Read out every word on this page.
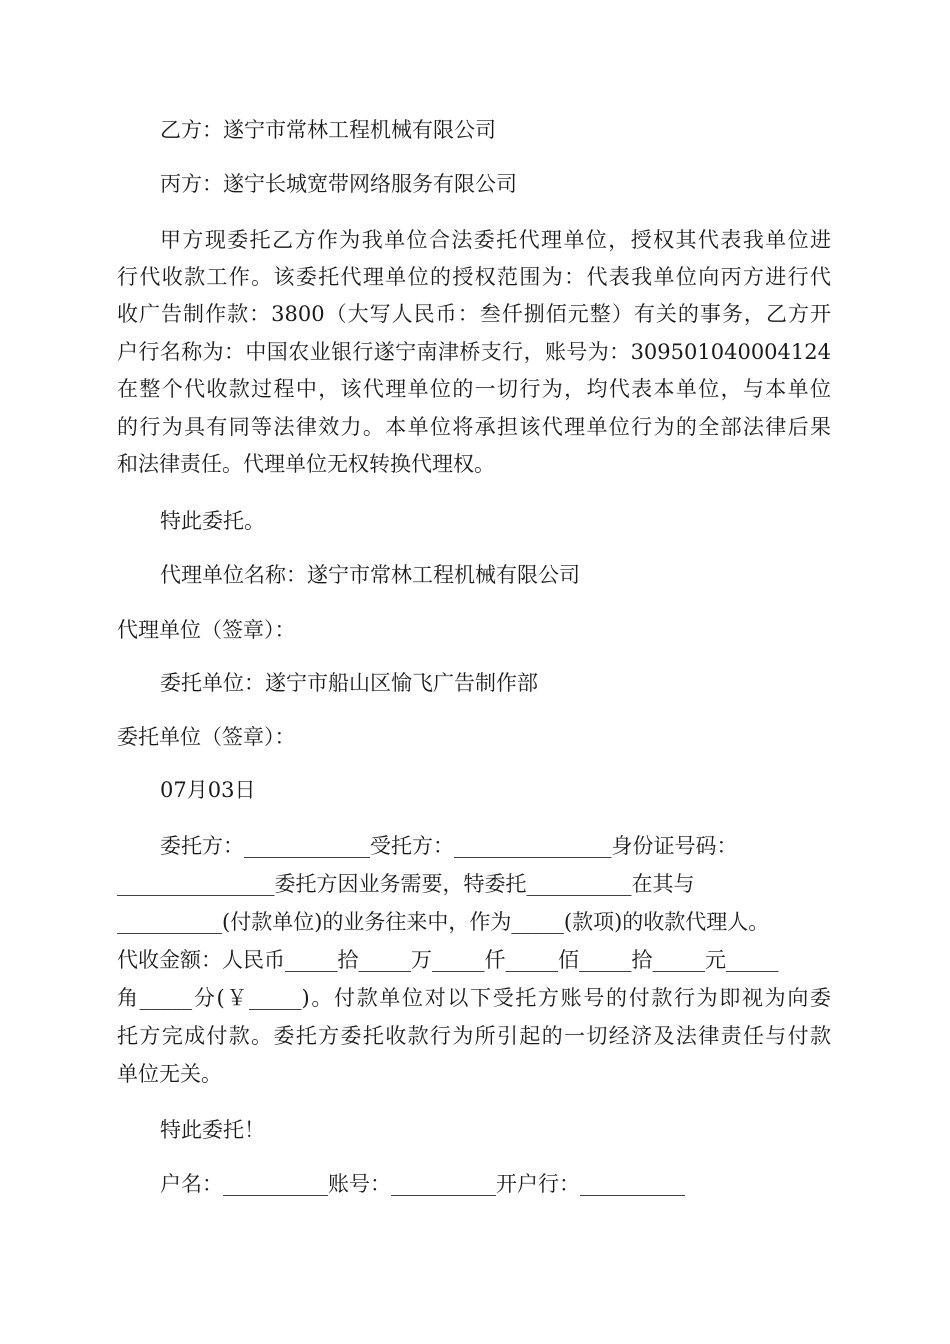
乙方：遂宁市常林工程机械有限公司
丙方：遂宁长城宽带网络服务有限公司
甲方现委托乙方作为我单位合法委托代理单位，授权其代表我单位进
行代收款工作。该委托代理单位的授权范围为：代表我单位向丙方进行代
收广告制作款：3800（大写人民币：叁仟捌佰元整）有关的事务，乙方开
户行名称为：中国农业银行遂宁南津桥支行，账号为：309501040004124
在整个代收款过程中，该代理单位的一切行为，均代表本单位，与本单位
的行为具有同等法律效力。本单位将承担该代理单位行为的全部法律后果
和法律责任。代理单位无权转换代理权。
特此委托。
代理单位名称：遂宁市常林工程机械有限公司
代理单位（签章）：
委托单位：遂宁市船山区愉飞广告制作部
委托单位（签章）：
07月03日
委托方：____________受托方：_______________身份证号码：
_______________委托方因业务需要，特委托__________在其与
__________(付款单位)的业务往来中，作为_____(款项)的收款代理人。
代收金额：人民币_____拾_____万_____仟_____佰_____拾_____元_____
角_____分(￥_____)。付款单位对以下受托方账号的付款行为即视为向委
托方完成付款。委托方委托收款行为所引起的一切经济及法律责任与付款
单位无关。
特此委托！
户名：__________账号：__________开户行：__________
